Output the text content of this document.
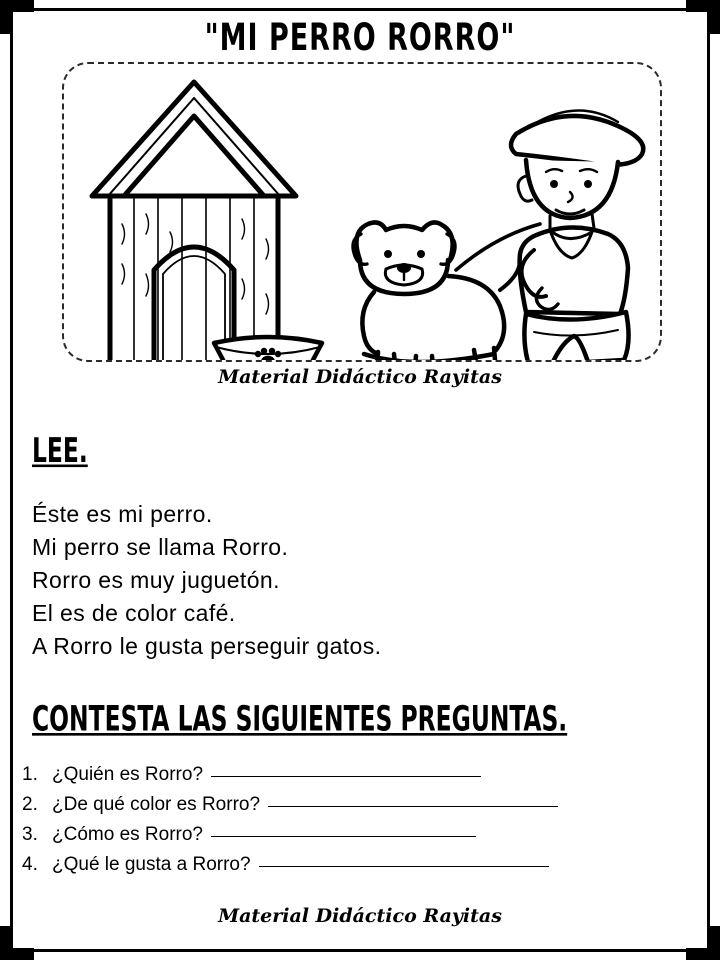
"MI PERRO RORRO"
Material Didáctico Rayitas
LEE.
Éste es mi perro.
Mi perro se llama Rorro.
Rorro es muy juguetón.
El es de color café.
A Rorro le gusta perseguir gatos.
CONTESTA LAS SIGUIENTES PREGUNTAS.
1. ¿Quién es Rorro?
2. ¿De qué color es Rorro?
3. ¿Cómo es Rorro?
4. ¿Qué le gusta a Rorro?
Material Didáctico Rayitas
